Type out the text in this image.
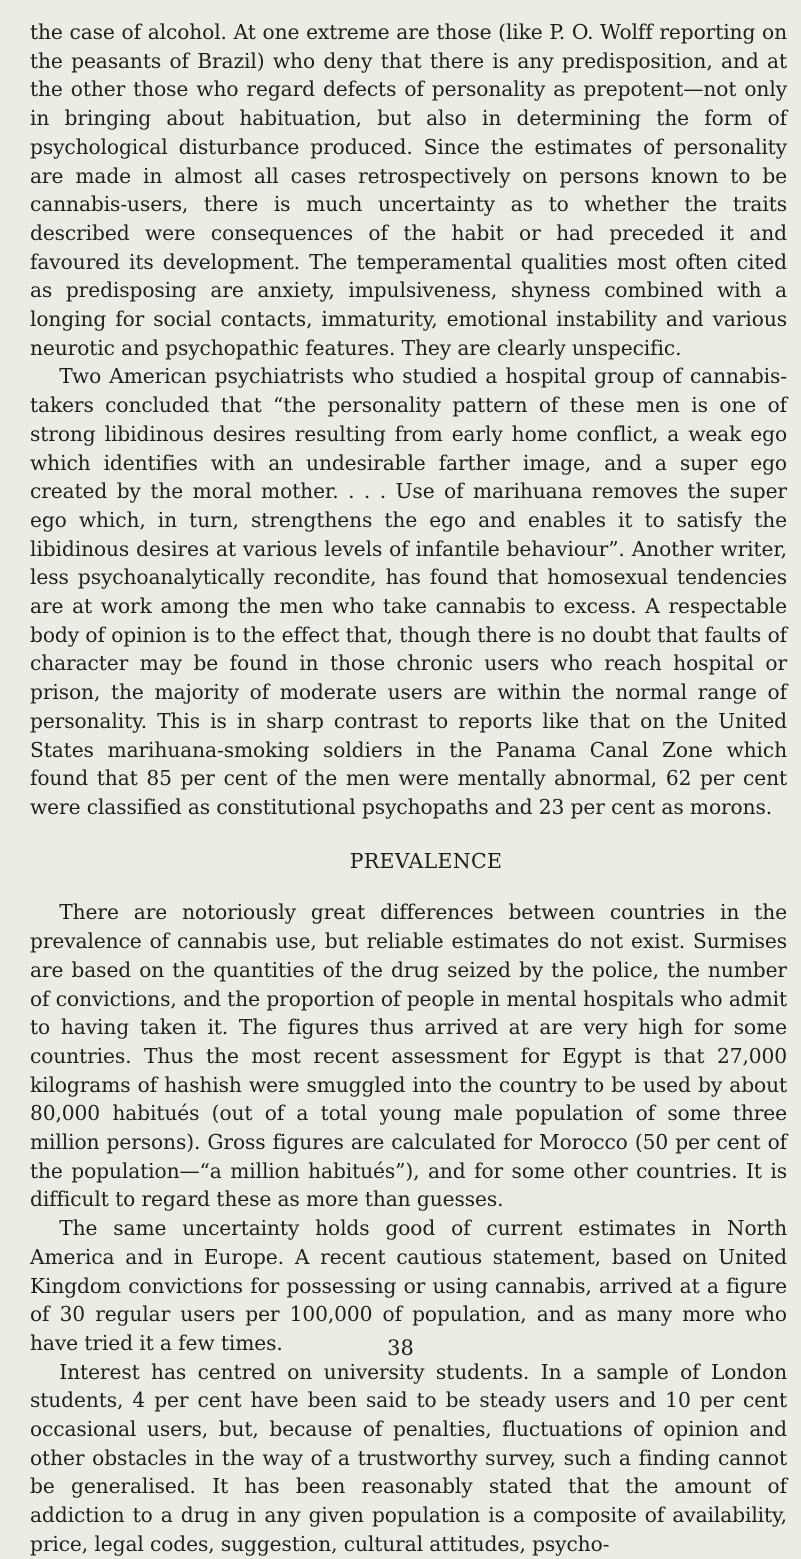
the case of alcohol. At one extreme are those (like P. O. Wolff reporting on the peasants of Brazil) who deny that there is any predisposition, and at the other those who regard defects of personality as prepotent—not only in bringing about habituation, but also in determining the form of psychological disturbance produced. Since the estimates of personality are made in almost all cases retrospectively on persons known to be cannabis-users, there is much uncertainty as to whether the traits described were consequences of the habit or had preceded it and favoured its development. The temperamental qualities most often cited as predisposing are anxiety, impulsiveness, shyness combined with a longing for social contacts, immaturity, emotional instability and various neurotic and psychopathic features. They are clearly unspecific.

Two American psychiatrists who studied a hospital group of cannabis-takers concluded that “the personality pattern of these men is one of strong libidinous desires resulting from early home conflict, a weak ego which identifies with an undesirable farther image, and a super ego created by the moral mother. . . . Use of marihuana removes the super ego which, in turn, strengthens the ego and enables it to satisfy the libidinous desires at various levels of infantile behaviour”. Another writer, less psychoanalytically recondite, has found that homosexual tendencies are at work among the men who take cannabis to excess. A respectable body of opinion is to the effect that, though there is no doubt that faults of character may be found in those chronic users who reach hospital or prison, the majority of moderate users are within the normal range of personality. This is in sharp contrast to reports like that on the United States marihuana-smoking soldiers in the Panama Canal Zone which found that 85 per cent of the men were mentally abnormal, 62 per cent were classified as constitutional psychopaths and 23 per cent as morons.

PREVALENCE

There are notoriously great differences between countries in the prevalence of cannabis use, but reliable estimates do not exist. Surmises are based on the quantities of the drug seized by the police, the number of convictions, and the proportion of people in mental hospitals who admit to having taken it. The figures thus arrived at are very high for some countries. Thus the most recent assessment for Egypt is that 27,000 kilograms of hashish were smuggled into the country to be used by about 80,000 habitués (out of a total young male population of some three million persons). Gross figures are calculated for Morocco (50 per cent of the population—“a million habitués”), and for some other countries. It is difficult to regard these as more than guesses.

The same uncertainty holds good of current estimates in North America and in Europe. A recent cautious statement, based on United Kingdom convictions for possessing or using cannabis, arrived at a figure of 30 regular users per 100,000 of population, and as many more who have tried it a few times.

Interest has centred on university students. In a sample of London students, 4 per cent have been said to be steady users and 10 per cent occasional users, but, because of penalties, fluctuations of opinion and other obstacles in the way of a trustworthy survey, such a finding cannot be generalised. It has been reasonably stated that the amount of addiction to a drug in any given population is a composite of availability, price, legal codes, suggestion, cultural attitudes, psycho-

38
